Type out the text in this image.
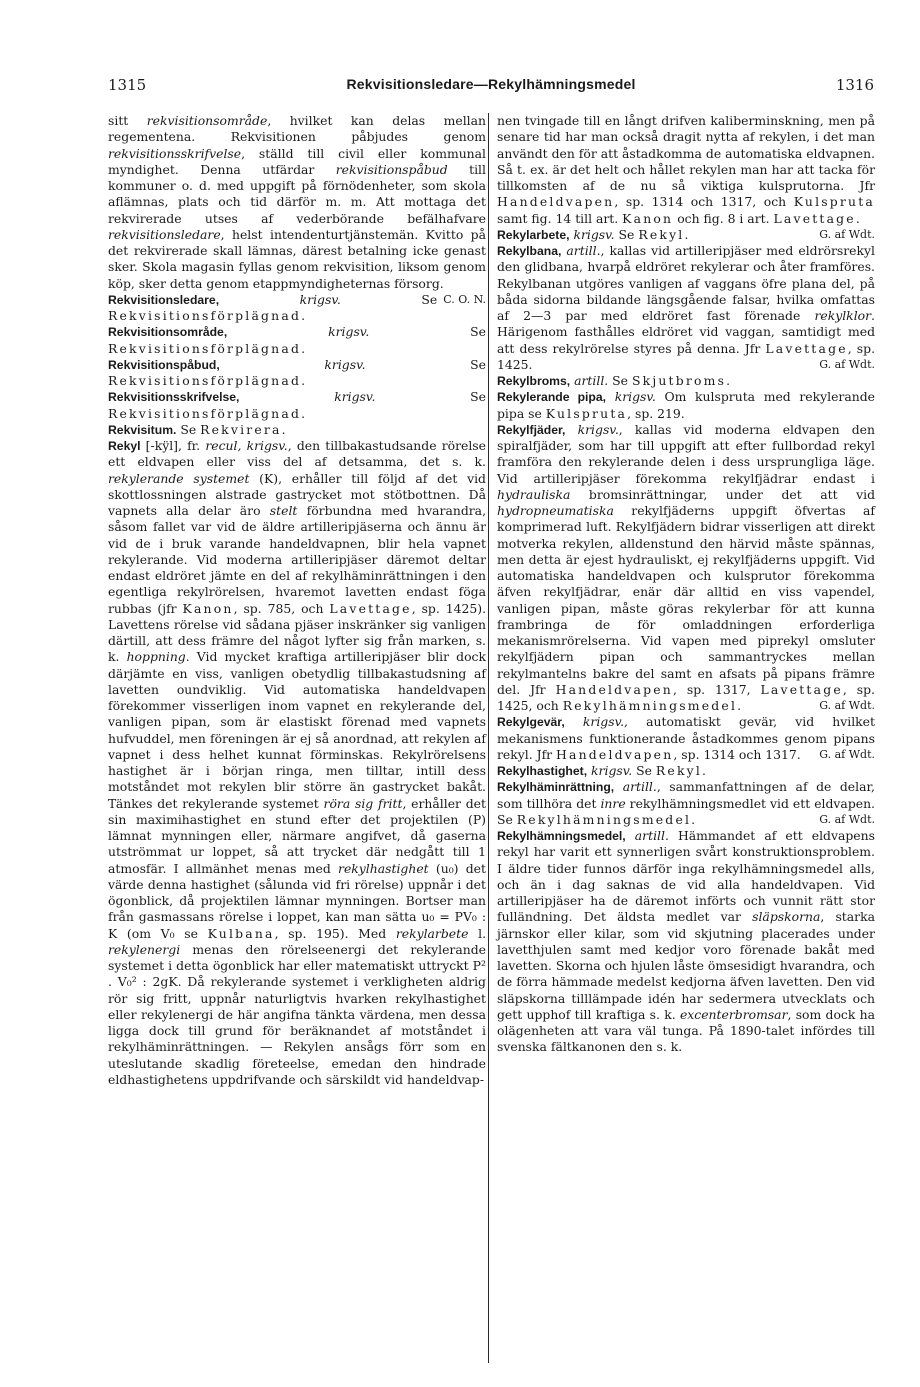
1315	Rekvisitionsledare—Rekylhämningsmedel	1316

sitt rekvisitionsområde, hvilket kan delas mellan regementena. Rekvisitionen påbjudes genom rekvisitionsskrifvelse, ställd till civil eller kommunal myndighet. Denna utfärdar rekvisitionspåbud till kommuner o. d. med uppgift på förnödenheter, som skola aflämnas, plats och tid därför m. m. Att mottaga det rekvirerade utses af vederbörande befälhafvare rekvisitionsledare, helst intendenturtjänstemän. Kvitto på det rekvirerade skall lämnas, därest betalning icke genast sker. Skola magasin fyllas genom rekvisition, liksom genom köp, sker detta genom etappmyndigheternas försorg.
C. O. N.

Rekvisitionsledare,	krigsv. Se Rekvisitionsförplägnad.

Rekvisitionsområde,	krigsv. Se Rekvisitionsförplägnad.

Rekvisitionspåbud,	krigsv. Se Rekvisitionsförplägnad.

Rekvisitionsskrifvelse,	krigsv. Se Rekvisitionsförplägnad.

Rekvisitum. Se Rekvirera.

Rekyl [-kÿl], fr. recul, krigsv., den tillbakastudsande rörelse ett eldvapen eller viss del af detsamma, det s. k. rekylerande systemet (K), erhåller till följd af det vid skottlossningen alstrade gastrycket mot stötbottnen. Då vapnets alla delar äro stelt förbundna med hvarandra, såsom fallet var vid de äldre artilleripjäserna och ännu är vid de i bruk varande handeldvapnen, blir hela vapnet rekylerande. Vid moderna artilleripjäser däremot deltar endast eldröret jämte en del af rekylhäminrättningen i den egentliga rekylrörelsen, hvaremot lavetten endast föga rubbas (jfr Kanon, sp. 785, och Lavettage, sp. 1425). Lavettens rörelse vid sådana pjäser inskränker sig vanligen därtill, att dess främre del något lyfter sig från marken, s. k. hoppning. Vid mycket kraftiga artilleripjäser blir dock därjämte en viss, vanligen obetydlig tillbakastudsning af lavetten oundviklig. Vid automatiska handeldvapen förekommer visserligen inom vapnet en rekylerande del, vanligen pipan, som är elastiskt förenad med vapnets hufvuddel, men föreningen är ej så anordnad, att rekylen af vapnet i dess helhet kunnat förminskas. Rekylrörelsens hastighet är i början ringa, men tilltar, intill dess motståndet mot rekylen blir större än gastrycket bakåt. Tänkes det rekylerande systemet röra sig fritt, erhåller det sin maximihastighet en stund efter det projektilen (P) lämnat mynningen eller, närmare angifvet, då gaserna utströmmat ur loppet, så att trycket där nedgått till 1 atmosfär. I allmänhet menas med rekylhastighet (u₀) det värde denna hastighet (sålunda vid fri rörelse) uppnår i det ögonblick, då projektilen lämnar mynningen. Bortser man från gasmassans rörelse i loppet, kan man sätta u₀ = PV₀ : K (om V₀ se Kulbana, sp. 195). Med rekylarbete l. rekylenergi menas den rörelseenergi det rekylerande systemet i detta ögonblick har eller matematiskt uttryckt P² . V₀² : 2gK. Då rekylerande systemet i verkligheten aldrig rör sig fritt, uppnår naturligtvis hvarken rekylhastighet eller rekylenergi de här angifna tänkta värdena, men dessa ligga dock till grund för beräknandet af motståndet i rekylhäminrättningen. — Rekylen ansågs förr som en uteslutande skadlig företeelse, emedan den hindrade eldhastighetens uppdrifvande och särskildt vid handeldvap-

nen tvingade till en långt drifven kaliberminskning, men på senare tid har man också dragit nytta af rekylen, i det man användt den för att åstadkomma de automatiska eldvapnen. Så t. ex. är det helt och hållet rekylen man har att tacka för tillkomsten af de nu så viktiga kulsprutorna. Jfr Handeldvapen, sp. 1314 och 1317, och Kulspruta samt fig. 14 till art. Kanon och fig. 8 i art. Lavettage.
G. af Wdt.

Rekylarbete, krigsv. Se Rekyl.

Rekylbana, artill., kallas vid artilleripjäser med eldrörsrekyl den glidbana, hvarpå eldröret rekylerar och åter framföres. Rekylbanan utgöres vanligen af vaggans öfre plana del, på båda sidorna bildande längsgående falsar, hvilka omfattas af 2—3 par med eldröret fast förenade rekylklor. Härigenom fasthålles eldröret vid vaggan, samtidigt med att dess rekylrörelse styres på denna. Jfr Lavettage, sp. 1425.	G. af Wdt.

Rekylbroms, artill. Se Skjutbroms.

Rekylerande pipa, krigsv. Om kulspruta med rekylerande pipa se Kulspruta, sp. 219.

Rekylfjäder, krigsv., kallas vid moderna eldvapen den spiralfjäder, som har till uppgift att efter fullbordad rekyl framföra den rekylerande delen i dess ursprungliga läge. Vid artilleripjäser förekomma rekylfjädrar endast i hydrauliska bromsinrättningar, under det att vid hydropneumatiska rekylfjäderns uppgift öfvertas af komprimerad luft. Rekylfjädern bidrar visserligen att direkt motverka rekylen, alldenstund den härvid måste spännas, men detta är ejest hydrauliskt, ej rekylfjäderns uppgift. Vid automatiska handeldvapen och kulsprutor förekomma äfven rekylfjädrar, enär där alltid en viss vapendel, vanligen pipan, måste göras rekylerbar för att kunna frambringa de för omladdningen erforderliga mekanismrörelserna. Vid vapen med piprekyl omsluter rekylfjädern pipan och sammantryckes mellan rekylmantelns bakre del samt en afsats på pipans främre del. Jfr Handeldvapen, sp. 1317, Lavettage, sp. 1425, och Rekylhämningsmedel.	G. af Wdt.

Rekylgevär, krigsv., automatiskt gevär, vid hvilket mekanismens funktionerande åstadkommes genom pipans rekyl. Jfr Handeldvapen, sp. 1314 och 1317. G. af Wdt.

Rekylhastighet, krigsv. Se Rekyl.

Rekylhäminrättning, artill., sammanfattningen af de delar, som tillhöra det inre rekylhämningsmedlet vid ett eldvapen. Se Rekylhämningsmedel.	G. af Wdt.

Rekylhämningsmedel, artill. Hämmandet af ett eldvapens rekyl har varit ett synnerligen svårt konstruktionsproblem. I äldre tider funnos därför inga rekylhämningsmedel alls, och än i dag saknas de vid alla handeldvapen. Vid artilleripjäser ha de däremot införts och vunnit rätt stor fulländning. Det äldsta medlet var släpskorna, starka järnskor eller kilar, som vid skjutning placerades under lavetthjulen samt med kedjor voro förenade bakåt med lavetten. Skorna och hjulen låste ömsesidigt hvarandra, och de förra hämmade medelst kedjorna äfven lavetten. Den vid släpskorna tilllämpade idén har sedermera utvecklats och gett upphof till kraftiga s. k. excenterbromsar, som dock ha olägenheten att vara väl tunga. På 1890-talet infördes till svenska fältkanonen den s. k.
